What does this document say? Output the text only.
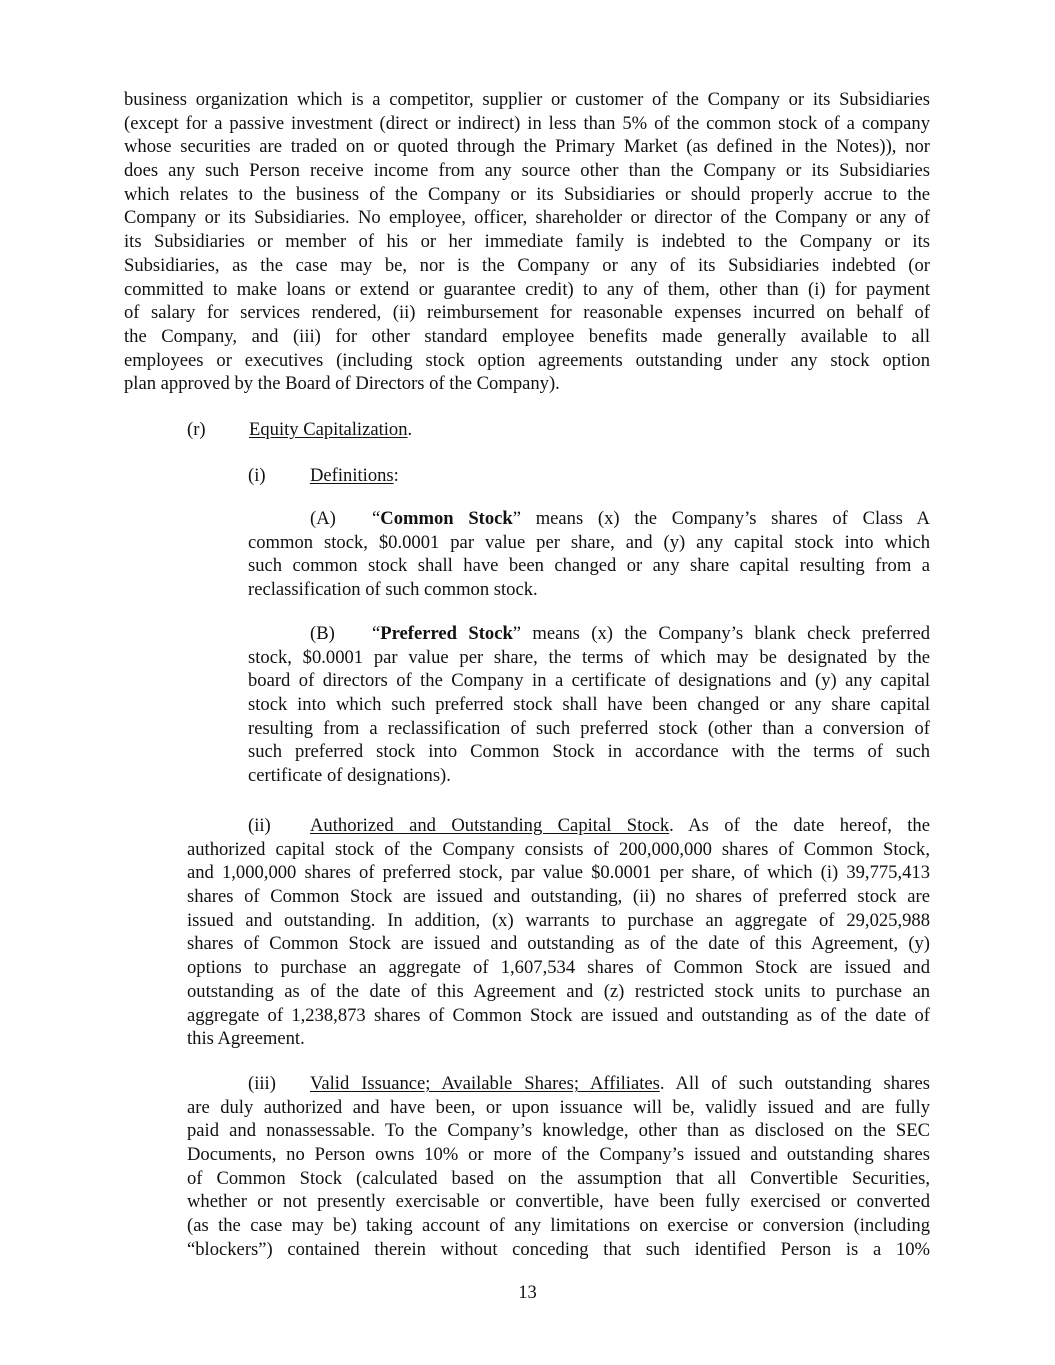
business organization which is a competitor, supplier or customer of the Company or its Subsidiaries
(except for a passive investment (direct or indirect) in less than 5% of the common stock of a company
whose securities are traded on or quoted through the Primary Market (as defined in the Notes)), nor
does any such Person receive income from any source other than the Company or its Subsidiaries
which relates to the business of the Company or its Subsidiaries or should properly accrue to the
Company or its Subsidiaries. No employee, officer, shareholder or director of the Company or any of
its Subsidiaries or member of his or her immediate family is indebted to the Company or its
Subsidiaries, as the case may be, nor is the Company or any of its Subsidiaries indebted (or
committed to make loans or extend or guarantee credit) to any of them, other than (i) for payment
of salary for services rendered, (ii) reimbursement for reasonable expenses incurred on behalf of
the Company, and (iii) for other standard employee benefits made generally available to all
employees or executives (including stock option agreements outstanding under any stock option
plan approved by the Board of Directors of the Company).
(r) Equity Capitalization.
(i) Definitions:
(A) “Common Stock” means (x) the Company’s shares of Class A
common stock, $0.0001 par value per share, and (y) any capital stock into which
such common stock shall have been changed or any share capital resulting from a
reclassification of such common stock.
(B) “Preferred Stock” means (x) the Company’s blank check preferred
stock, $0.0001 par value per share, the terms of which may be designated by the
board of directors of the Company in a certificate of designations and (y) any capital
stock into which such preferred stock shall have been changed or any share capital
resulting from a reclassification of such preferred stock (other than a conversion of
such preferred stock into Common Stock in accordance with the terms of such
certificate of designations).
(ii) Authorized and Outstanding Capital Stock. As of the date hereof, the
authorized capital stock of the Company consists of 200,000,000 shares of Common Stock,
and 1,000,000 shares of preferred stock, par value $0.0001 per share, of which (i) 39,775,413
shares of Common Stock are issued and outstanding, (ii) no shares of preferred stock are
issued and outstanding. In addition, (x) warrants to purchase an aggregate of 29,025,988
shares of Common Stock are issued and outstanding as of the date of this Agreement, (y)
options to purchase an aggregate of 1,607,534 shares of Common Stock are issued and
outstanding as of the date of this Agreement and (z) restricted stock units to purchase an
aggregate of 1,238,873 shares of Common Stock are issued and outstanding as of the date of
this Agreement.
(iii) Valid Issuance; Available Shares; Affiliates. All of such outstanding shares
are duly authorized and have been, or upon issuance will be, validly issued and are fully
paid and nonassessable. To the Company’s knowledge, other than as disclosed on the SEC
Documents, no Person owns 10% or more of the Company’s issued and outstanding shares
of Common Stock (calculated based on the assumption that all Convertible Securities,
whether or not presently exercisable or convertible, have been fully exercised or converted
(as the case may be) taking account of any limitations on exercise or conversion (including
“blockers”) contained therein without conceding that such identified Person is a 10%
13
